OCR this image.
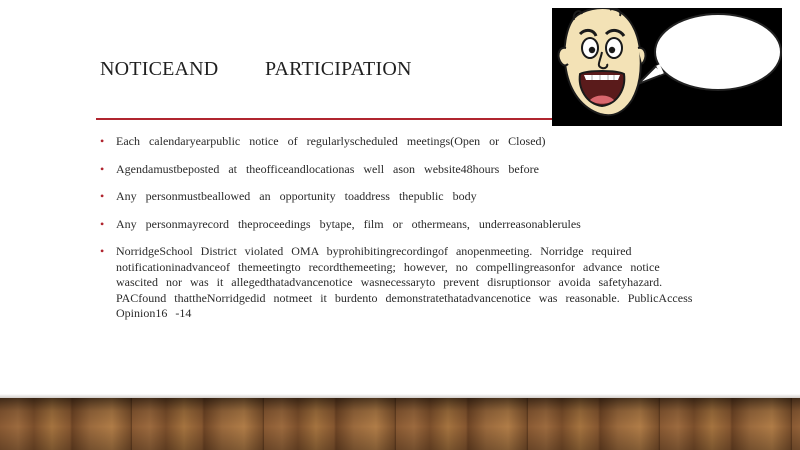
NOTICEAND PARTICIPATION
• Each calendaryearpublic notice of regularlyscheduled meetings(Open or Closed)
• Agendamustbeposted at theofficeandlocationas well ason website48hours before
• Any personmustbeallowed an opportunity toaddress thepublic body
• Any personmayrecord theproceedings bytape, film or othermeans, underreasonablerules
• NorridgeSchool District violated OMA byprohibitingrecordingof anopenmeeting. Norridge required notificationinadvanceof themeetingto recordthemeeting; however, no compellingreasonfor advance notice wascited nor was it allegedthatadvancenotice wasnecessaryto prevent disruptionsor avoida safetyhazard. PACfound thattheNorridgedid notmeet it burdento demonstratethatadvancenotice was reasonable. PublicAccess Opinion16 -14
